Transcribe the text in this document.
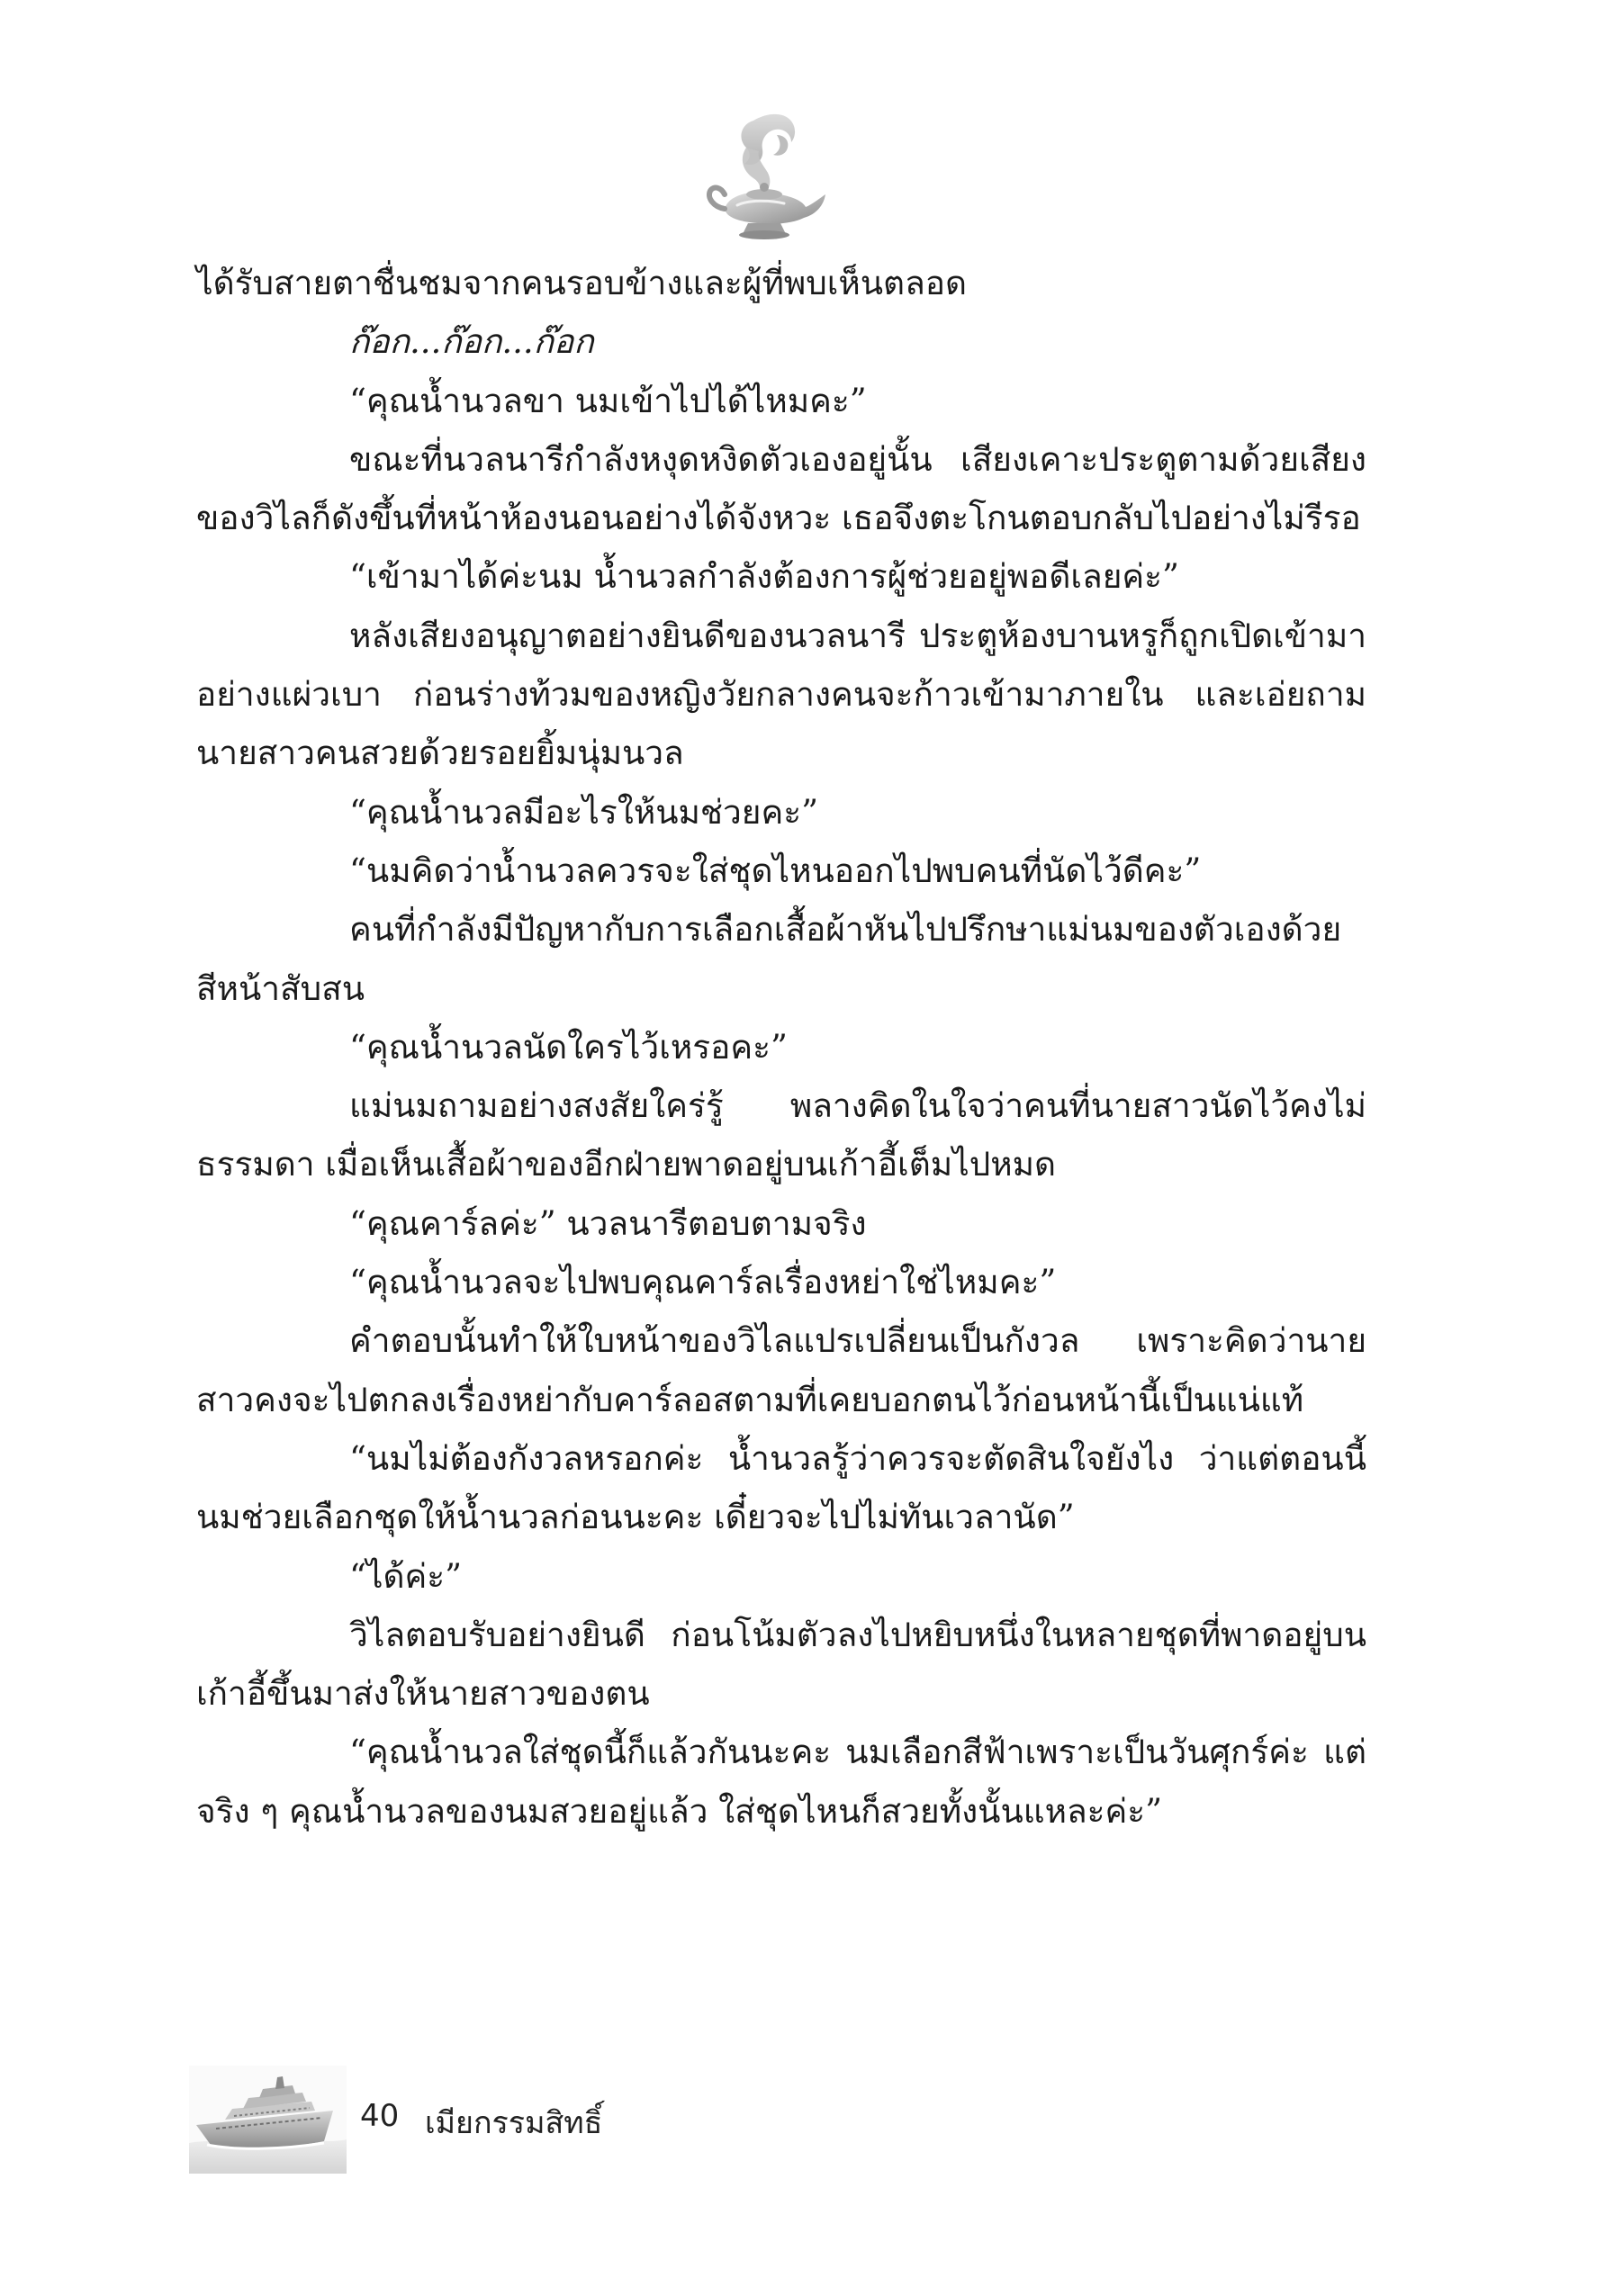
ได้รับสายตาชื่นชมจากคนรอบข้างและผู้ที่พบเห็นตลอด

ก๊อก...ก๊อก...ก๊อก

“คุณน้ำนวลขา นมเข้าไปได้ไหมคะ”

ขณะที่นวลนารีกำลังหงุดหงิดตัวเองอยู่นั้น เสียงเคาะประตูตามด้วยเสียงของวิไลก็ดังขึ้นที่หน้าห้องนอนอย่างได้จังหวะ เธอจึงตะโกนตอบกลับไปอย่างไม่รีรอ

“เข้ามาได้ค่ะนม น้ำนวลกำลังต้องการผู้ช่วยอยู่พอดีเลยค่ะ”

หลังเสียงอนุญาตอย่างยินดีของนวลนารี ประตูห้องบานหรูก็ถูกเปิดเข้ามาอย่างแผ่วเบา ก่อนร่างท้วมของหญิงวัยกลางคนจะก้าวเข้ามาภายใน และเอ่ยถามนายสาวคนสวยด้วยรอยยิ้มนุ่มนวล

“คุณน้ำนวลมีอะไรให้นมช่วยคะ”

“นมคิดว่าน้ำนวลควรจะใส่ชุดไหนออกไปพบคนที่นัดไว้ดีคะ”

คนที่กำลังมีปัญหากับการเลือกเสื้อผ้าหันไปปรึกษาแม่นมของตัวเองด้วยสีหน้าสับสน

“คุณน้ำนวลนัดใครไว้เหรอคะ”

แม่นมถามอย่างสงสัยใคร่รู้ พลางคิดในใจว่าคนที่นายสาวนัดไว้คงไม่ธรรมดา เมื่อเห็นเสื้อผ้าของอีกฝ่ายพาดอยู่บนเก้าอี้เต็มไปหมด

“คุณคาร์ลค่ะ” นวลนารีตอบตามจริง

“คุณน้ำนวลจะไปพบคุณคาร์ลเรื่องหย่าใช่ไหมคะ”

คำตอบนั้นทำให้ใบหน้าของวิไลแปรเปลี่ยนเป็นกังวล เพราะคิดว่านายสาวคงจะไปตกลงเรื่องหย่ากับคาร์ลอสตามที่เคยบอกตนไว้ก่อนหน้านี้เป็นแน่แท้

“นมไม่ต้องกังวลหรอกค่ะ น้ำนวลรู้ว่าควรจะตัดสินใจยังไง ว่าแต่ตอนนี้นมช่วยเลือกชุดให้น้ำนวลก่อนนะคะ เดี๋ยวจะไปไม่ทันเวลานัด”

“ได้ค่ะ”

วิไลตอบรับอย่างยินดี ก่อนโน้มตัวลงไปหยิบหนึ่งในหลายชุดที่พาดอยู่บนเก้าอี้ขึ้นมาส่งให้นายสาวของตน

“คุณน้ำนวลใส่ชุดนี้ก็แล้วกันนะคะ นมเลือกสีฟ้าเพราะเป็นวันศุกร์ค่ะ แต่จริง ๆ คุณน้ำนวลของนมสวยอยู่แล้ว ใส่ชุดไหนก็สวยทั้งนั้นแหละค่ะ”

40 เมียกรรมสิทธิ์
